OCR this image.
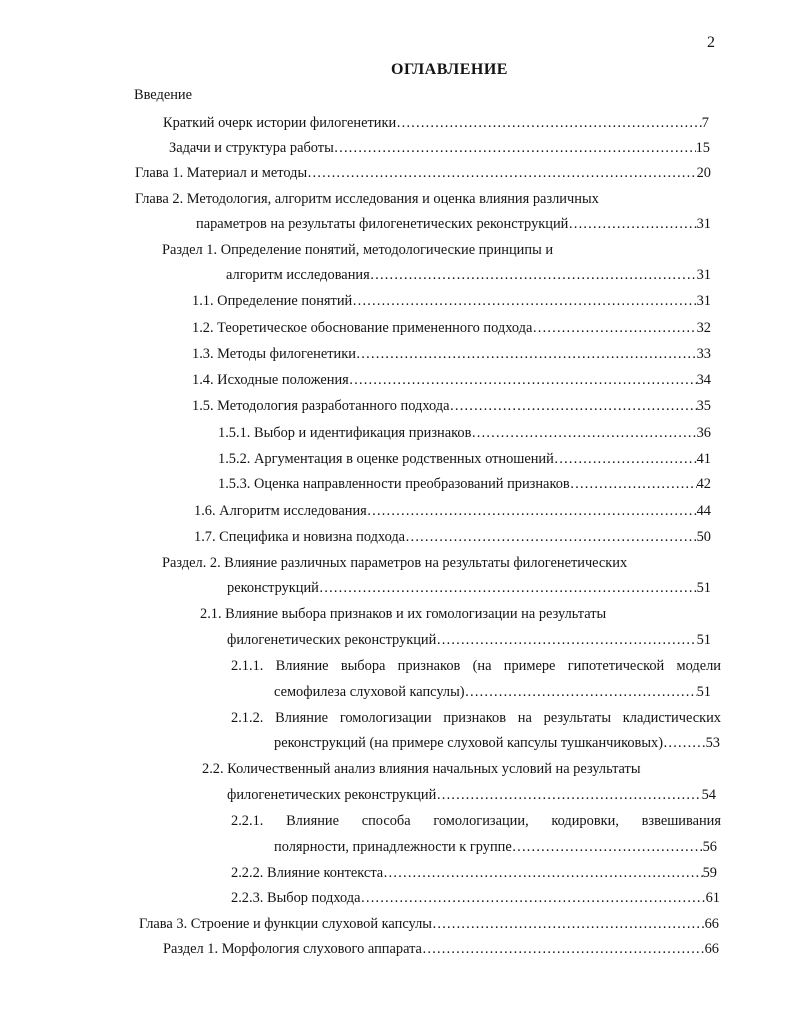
2
ОГЛАВЛЕНИЕ
Введение
Краткий очерк истории филогенетики ……………………………………………………………………………………………………………………………………………………………………………………	7
Задачи и структура работы ……………………………………………………………………………………………………………………………………………………………………………………	15
Глава 1. Материал и методы ……………………………………………………………………………………………………………………………………………………………………………………	20
Глава 2. Методология, алгоритм исследования и оценка влияния различных
параметров на результаты филогенетических реконструкций ……………………………………………………………………………………………………………………………………………………………………………………	31
Раздел 1. Определение понятий, методологические принципы и
алгоритм исследования ……………………………………………………………………………………………………………………………………………………………………………………	31
1.1. Определение понятий ……………………………………………………………………………………………………………………………………………………………………………………	31
1.2. Теоретическое обоснование примененного подхода ……………………………………………………………………………………………………………………………………………………………………………………	32
1.3. Методы филогенетики ……………………………………………………………………………………………………………………………………………………………………………………	33
1.4. Исходные положения ……………………………………………………………………………………………………………………………………………………………………………………	34
1.5. Методология разработанного подхода ……………………………………………………………………………………………………………………………………………………………………………………	35
1.5.1. Выбор и идентификация признаков ……………………………………………………………………………………………………………………………………………………………………………………	36
1.5.2. Аргументация в оценке родственных отношений ……………………………………………………………………………………………………………………………………………………………………………………	41
1.5.3. Оценка направленности преобразований признаков ……………………………………………………………………………………………………………………………………………………………………………………	42
1.6. Алгоритм исследования ……………………………………………………………………………………………………………………………………………………………………………………	44
1.7. Специфика и новизна подхода ……………………………………………………………………………………………………………………………………………………………………………………	50
Раздел. 2. Влияние различных параметров на результаты филогенетических
реконструкций ……………………………………………………………………………………………………………………………………………………………………………………	51
2.1. Влияние выбора признаков и их гомологизации на результаты
филогенетических реконструкций ……………………………………………………………………………………………………………………………………………………………………………………	51
2.1.1. Влияние выбора признаков (на примере гипотетической модели
семофилеза слуховой капсулы) ……………………………………………………………………………………………………………………………………………………………………………………	51
2.1.2. Влияние гомологизации признаков на результаты кладистических
реконструкций (на примере слуховой капсулы тушканчиковых) ……………………………………………………………………………………………………………………………………………………………………………………	53
2.2. Количественный анализ влияния начальных условий на результаты
филогенетических реконструкций ……………………………………………………………………………………………………………………………………………………………………………………	54
2.2.1. Влияние способа гомологизации, кодировки, взвешивания
полярности, принадлежности к группе ……………………………………………………………………………………………………………………………………………………………………………………	56
2.2.2. Влияние контекста ……………………………………………………………………………………………………………………………………………………………………………………	59
2.2.3. Выбор подхода ……………………………………………………………………………………………………………………………………………………………………………………	61
Глава 3. Строение и функции слуховой капсулы ……………………………………………………………………………………………………………………………………………………………………………………	66
Раздел 1. Морфология слухового аппарата ……………………………………………………………………………………………………………………………………………………………………………………	66
